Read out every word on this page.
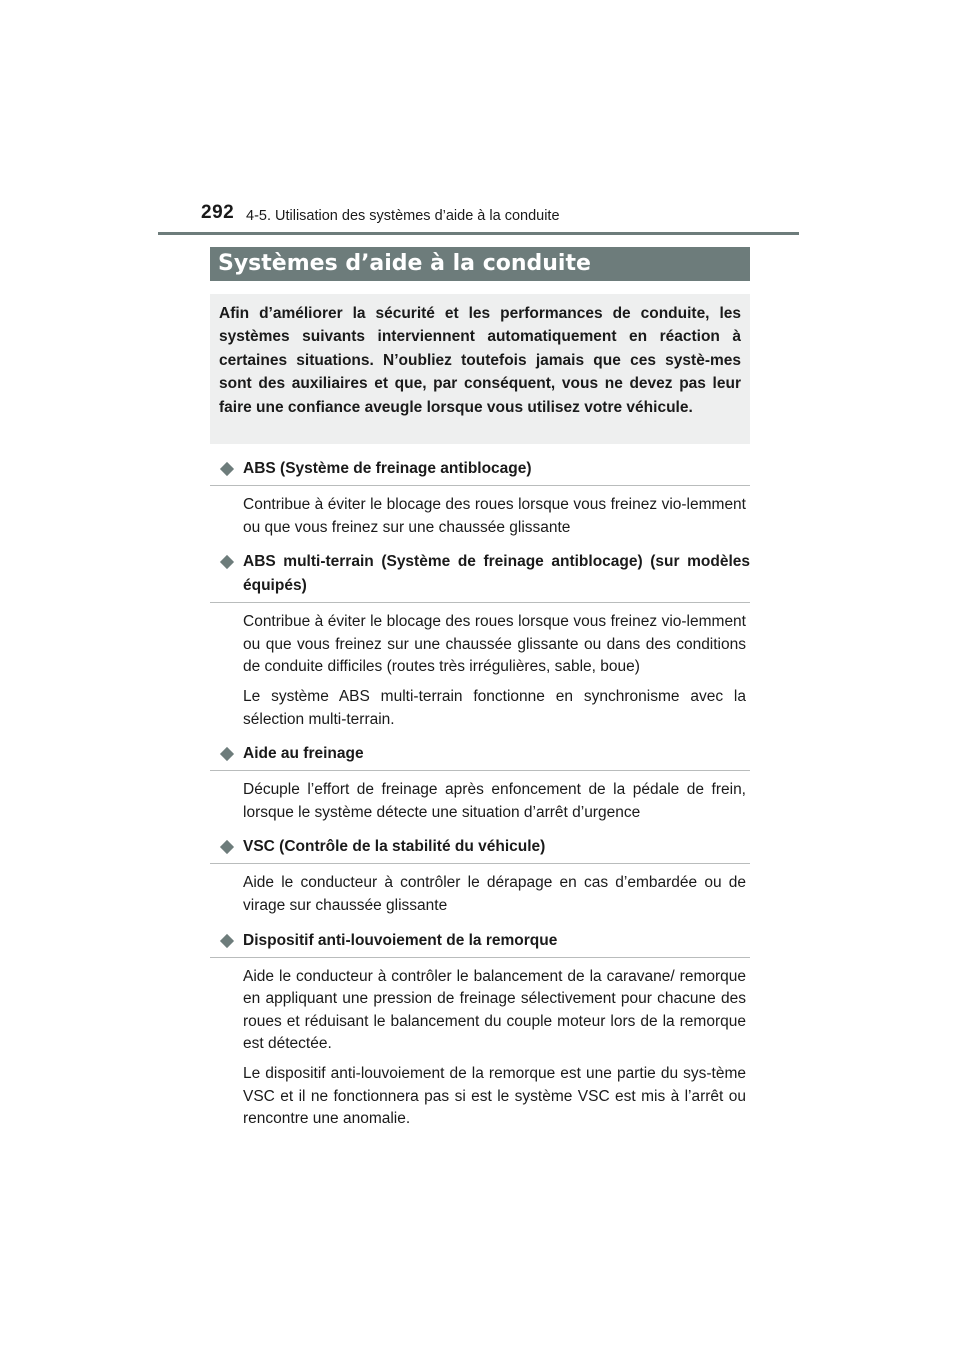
292 4-5. Utilisation des systèmes d’aide à la conduite
Systèmes d’aide à la conduite
Afin d’améliorer la sécurité et les performances de conduite, les systèmes suivants interviennent automatiquement en réaction à certaines situations. N’oubliez toutefois jamais que ces systè-mes sont des auxiliaires et que, par conséquent, vous ne devez pas leur faire une confiance aveugle lorsque vous utilisez votre véhicule.
ABS (Système de freinage antiblocage)

Contribue à éviter le blocage des roues lorsque vous freinez vio-lemment ou que vous freinez sur une chaussée glissante

ABS multi-terrain (Système de freinage antiblocage) (sur modèles équipés)

Contribue à éviter le blocage des roues lorsque vous freinez vio-lemment ou que vous freinez sur une chaussée glissante ou dans des conditions de conduite difficiles (routes très irrégulières, sable, boue)

Le système ABS multi-terrain fonctionne en synchronisme avec la sélection multi-terrain.

Aide au freinage

Décuple l’effort de freinage après enfoncement de la pédale de frein, lorsque le système détecte une situation d’arrêt d’urgence

VSC (Contrôle de la stabilité du véhicule)

Aide le conducteur à contrôler le dérapage en cas d’embardée ou de virage sur chaussée glissante

Dispositif anti-louvoiement de la remorque

Aide le conducteur à contrôler le balancement de la caravane/ remorque en appliquant une pression de freinage sélectivement pour chacune des roues et réduisant le balancement du couple moteur lors de la remorque est détectée.

Le dispositif anti-louvoiement de la remorque est une partie du sys-tème VSC et il ne fonctionnera pas si est le système VSC est mis à l’arrêt ou rencontre une anomalie.
